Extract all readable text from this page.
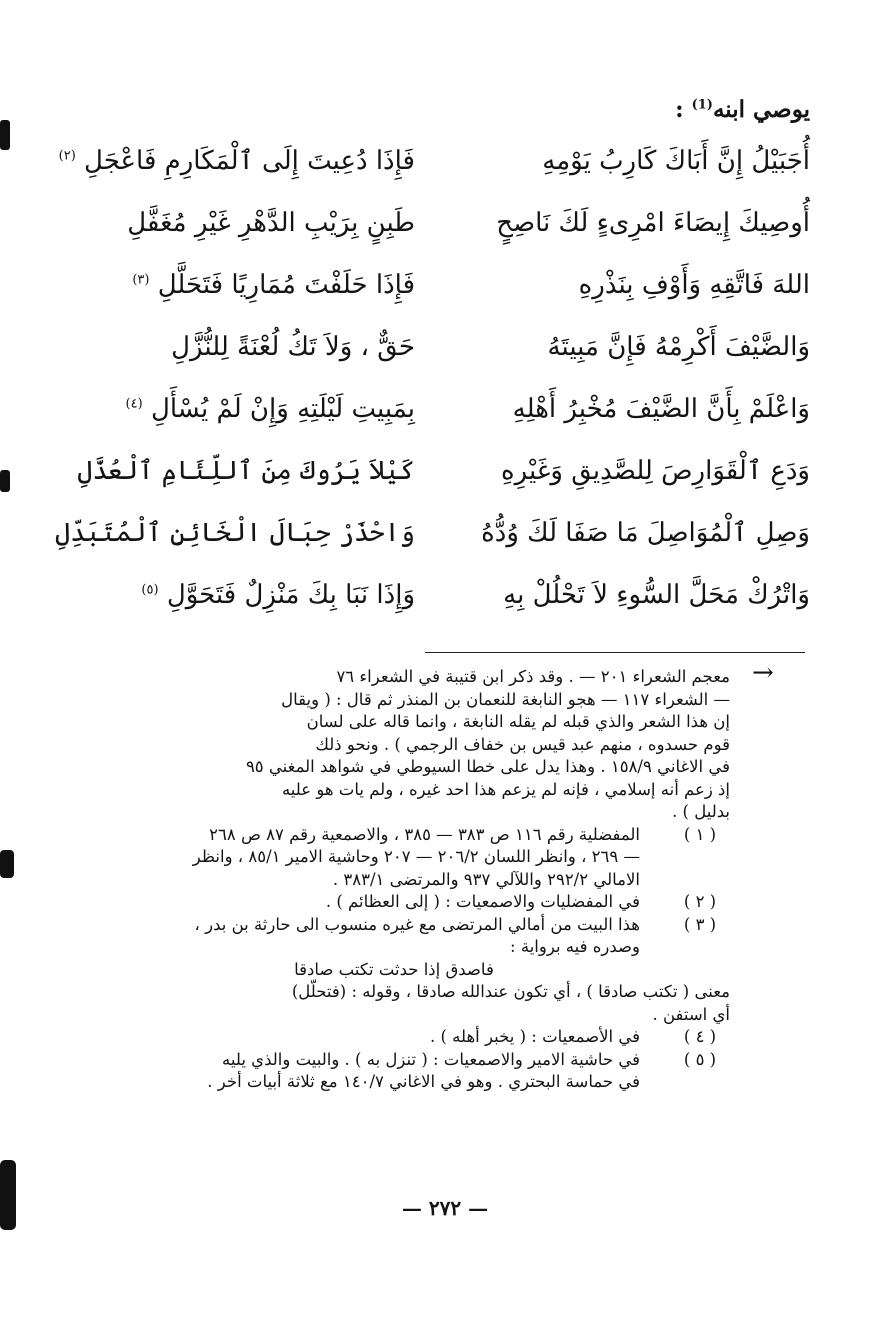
يوصي ابنه$^{(1)}$ :
أُجَبَيْلُ إِنَّ أَبَاكَ كَارِبُ يَوْمِهِ
فَإِذَا دُعِيتَ إِلَى ٱلْمَكَارِمِ فَاعْجَلِ $^{(٢)}$
أُوصِيكَ إِيصَاءَ امْرِىءٍ لَكَ نَاصِحٍ
طَبِنٍ بِرَيْبِ الدَّهْرِ غَيْرِ مُغَفَّلِ
اللهَ فَاتَّقِهِ وَأَوْفِ بِنَذْرِهِ
فَإِذَا حَلَفْتَ مُمَارِيًا فَتَحَلَّلِ $^{(٣)}$
وَالضَّيْفَ أَكْرِمْهُ فَإِنَّ مَبِيتَهُ
حَقٌّ ، وَلاَ تَكُ لُعْنَةً لِلنُّزَّلِ
وَاعْلَمْ بِأَنَّ الضَّيْفَ مُخْبِرُ أَهْلِهِ
بِمَبِيتِ لَيْلَتِهِ وَإِنْ لَمْ يُسْأَلِ $^{(٤)}$
وَدَعِ ٱلْقَوَارِصَ لِلصَّدِيقِ وَغَيْرِهِ
كَيْلاَ يَرُوكَ مِنَ ٱللِّئَامِ ٱلْعُذَّلِ
وَصِلِ ٱلْمُوَاصِلَ مَا صَفَا لَكَ وُدُّهُ
وَاحْذَرْ حِبَالَ الْخَائِنِ ٱلْمُتَبَدِّلِ
وَاتْرُكْ مَحَلَّ السُّوءِ لاَ تَحْلُلْ بِهِ
وَإِذَا نَبَا بِكَ مَنْزِلٌ فَتَحَوَّلِ $^{(٥)}$
→
معجم الشعراء ٢٠١ — . وقد ذكر ابن قتيبة في الشعراء ٧٦
— الشعراء ١١٧ — هجو النابغة للنعمان بن المنذر ثم قال : ( ويقال
إن هذا الشعر والذي قبله لم يقله النابغة ، وانما قاله على لسان
قوم حسدوه ، منهم عبد قيس بن خفاف الرجمي ) . ونحو ذلك
في الاغاني ١٥٨/٩ . وهذا يدل على خطا السيوطي في شواهد المغني ٩٥
إذ زعم أنه إسلامي ، فإنه لم يزعم هذا احد غيره ، ولم يات هو عليه
بدليل ) .
( ١ )
المفضلية رقم ١١٦ ص ٣٨٣ — ٣٨٥ ، والاصمعية رقم ٨٧ ص ٢٦٨
— ٢٦٩ ، وانظر اللسان ٢٠٦/٢ — ٢٠٧ وحاشية الامير ٨٥/١ ، وانظر
الامالي ٢٩٢/٢ واللآلي ٩٣٧ والمرتضى ٣٨٣/١ .
( ٢ )
في المفضليات والاصمعيات : ( إلى العظائم ) .
( ٣ )
هذا البيت من أمالي المرتضى مع غيره منسوب الى حارثة بن بدر ،
وصدره فيه برواية :
فاصدق إذا حدثت تكتب صادقا
معنى ( تكتب صادقا ) ، أي تكون عندالله صادقا ، وقوله : (فتحلّل)
أي استفن .
( ٤ )
في الأصمعيات : ( يخبر أهله ) .
( ٥ )
في حاشية الامير والاصمعيات : ( تنزل به ) . والبيت والذي يليه
في حماسة البحتري . وهو في الاغاني ١٤٠/٧ مع ثلاثة أبيات أخر .
— ٢٧٢ —
